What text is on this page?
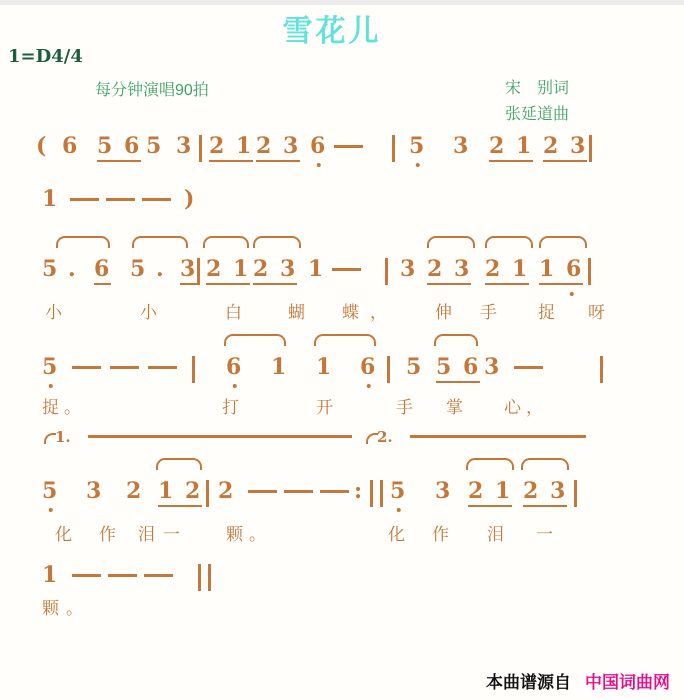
雪花儿
1=D4/4
每分钟演唱90拍	宋　别词
张延道曲
( 6 5 6 5 3 2 1 2 3 6	5 3 2 1 2 3
1	)
5 . 6 5 . 3 2 1 2 3 1	3 2 3 2 1 1 6
小	小	白	蝴 蝶 ，	伸 手 捉 呀
5	6 1 1 6 5 5 6 3
捉 。	打	开	手 掌 心 ，
1.	2.
5 3 2 1 2 2	: 5 3 2 1 2 3
化 作 泪 一	颗 。	化 作 泪 一
1
颗 。
本曲谱源自 中国词曲网
